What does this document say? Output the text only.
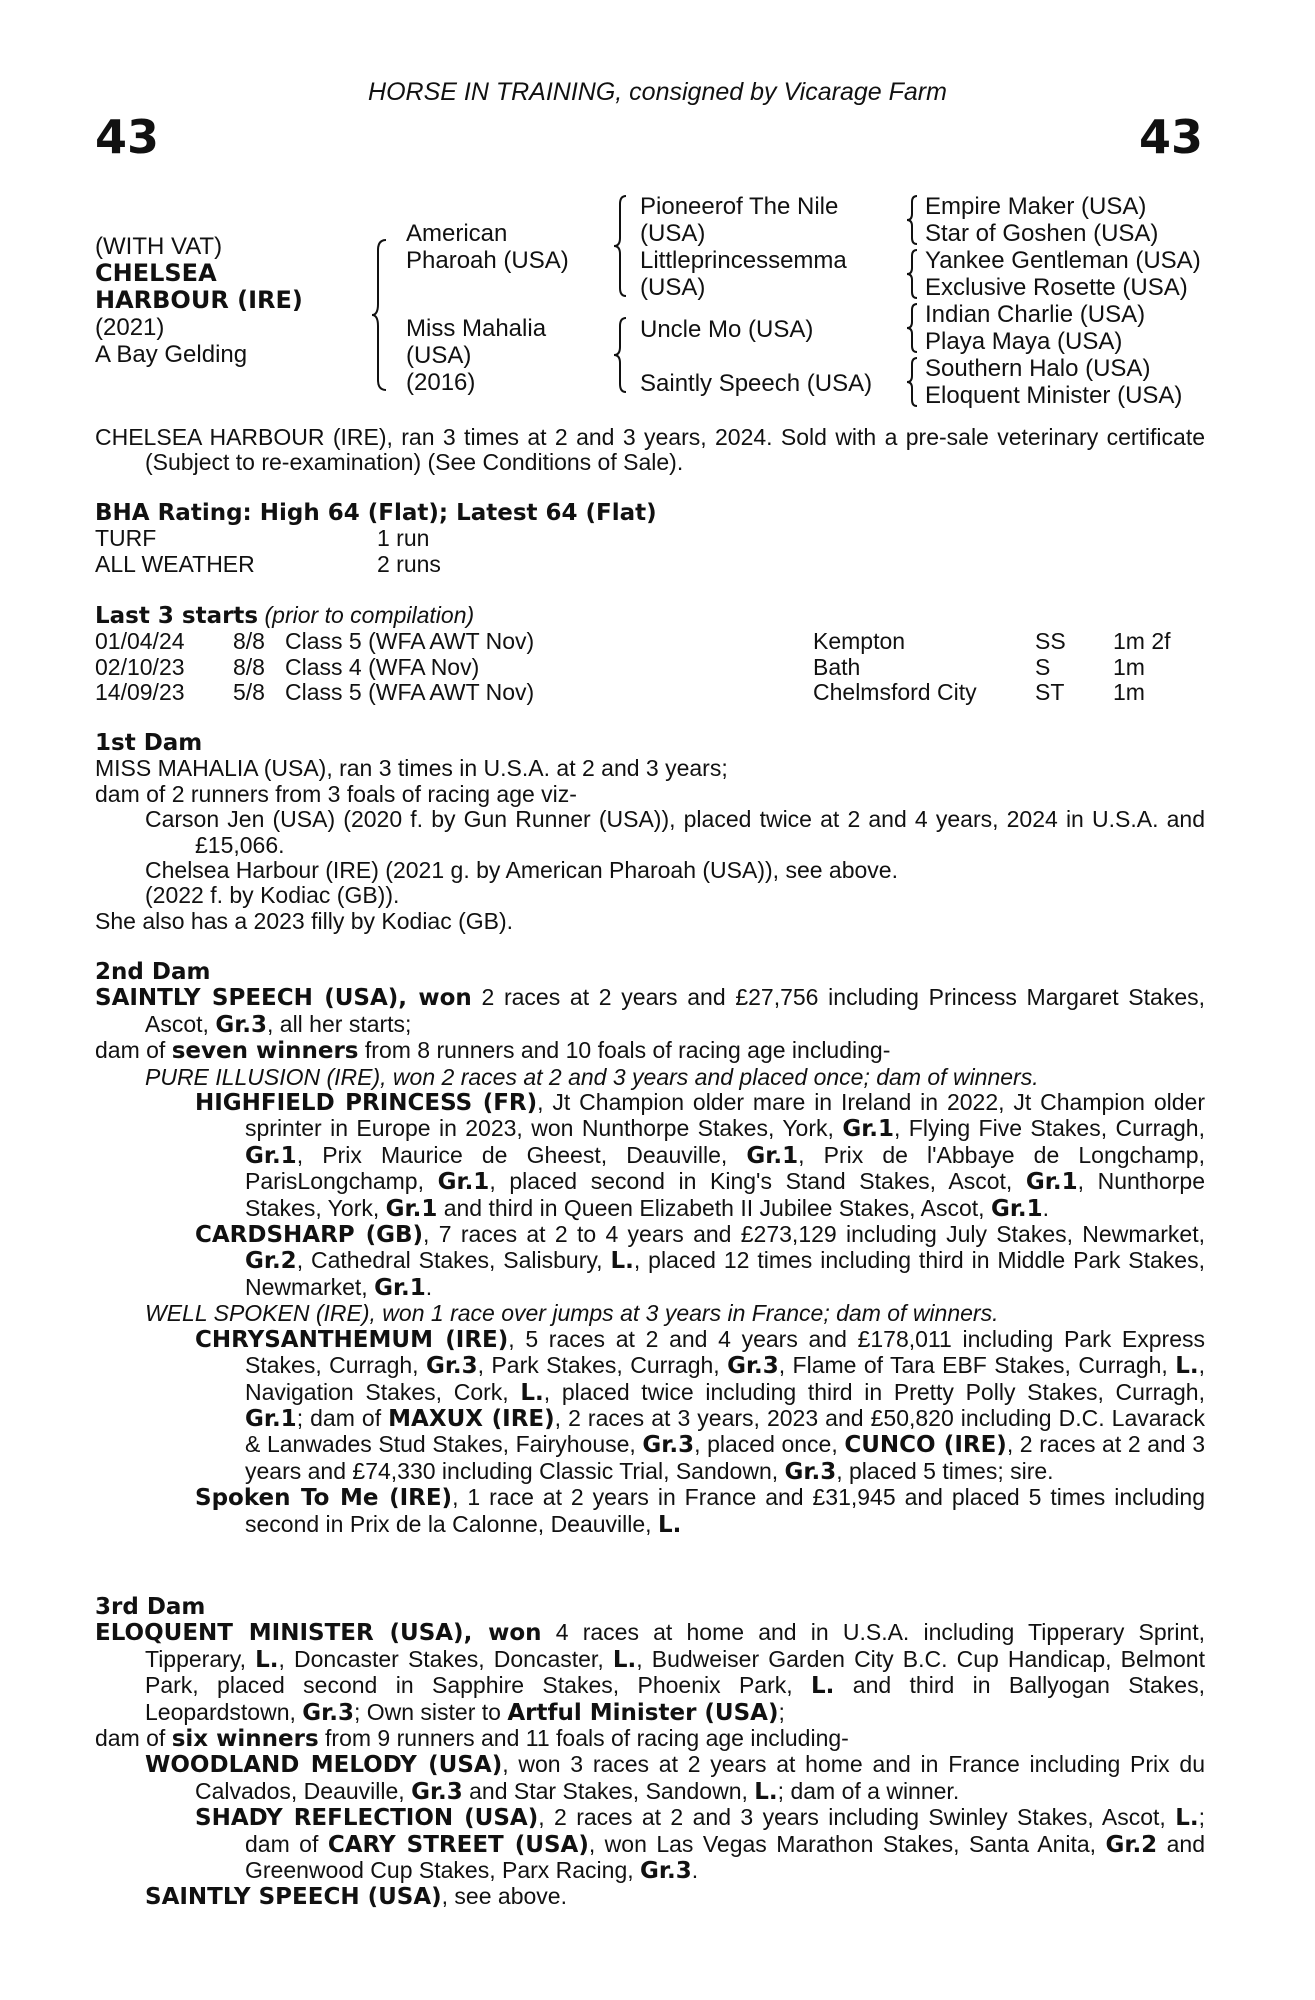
HORSE IN TRAINING, consigned by Vicarage Farm
43	43
(WITH VAT)
CHELSEA
HARBOUR (IRE)
(2021)
A Bay Gelding
American
Pharoah (USA)
Miss Mahalia
(USA)
(2016)
Pioneerof The Nile
(USA)
Littleprincessemma
(USA)
Uncle Mo (USA)
Saintly Speech (USA)
Empire Maker (USA)
Star of Goshen (USA)
Yankee Gentleman (USA)
Exclusive Rosette (USA)
Indian Charlie (USA)
Playa Maya (USA)
Southern Halo (USA)
Eloquent Minister (USA)

CHELSEA HARBOUR (IRE), ran 3 times at 2 and 3 years, 2024. Sold with a pre-sale veterinary certificate (Subject to re-examination) (See Conditions of Sale).

BHA Rating: High 64 (Flat); Latest 64 (Flat)
TURF	1 run
ALL WEATHER	2 runs
Last 3 starts (prior to compilation)
01/04/24	8/8	Class 5 (WFA AWT Nov)	Kempton	SS	1m 2f
02/10/23	8/8	Class 4 (WFA Nov)	Bath	S	1m
14/09/23	5/8	Class 5 (WFA AWT Nov)	Chelmsford City	ST	1m
1st Dam

MISS MAHALIA (USA), ran 3 times in U.S.A. at 2 and 3 years;

dam of 2 runners from 3 foals of racing age viz-

Carson Jen (USA) (2020 f. by Gun Runner (USA)), placed twice at 2 and 4 years, 2024 in U.S.A. and £15,066.

Chelsea Harbour (IRE) (2021 g. by American Pharoah (USA)), see above.

(2022 f. by Kodiac (GB)).

She also has a 2023 filly by Kodiac (GB).

2nd Dam

SAINTLY SPEECH (USA), won 2 races at 2 years and £27,756 including Princess Margaret Stakes, Ascot, Gr.3, all her starts;

dam of seven winners from 8 runners and 10 foals of racing age including-

PURE ILLUSION (IRE), won 2 races at 2 and 3 years and placed once; dam of winners.

HIGHFIELD PRINCESS (FR), Jt Champion older mare in Ireland in 2022, Jt Champion older sprinter in Europe in 2023, won Nunthorpe Stakes, York, Gr.1, Flying Five Stakes, Curragh, Gr.1, Prix Maurice de Gheest, Deauville, Gr.1, Prix de l'Abbaye de Longchamp, ParisLongchamp, Gr.1, placed second in King's Stand Stakes, Ascot, Gr.1, Nunthorpe Stakes, York, Gr.1 and third in Queen Elizabeth II Jubilee Stakes, Ascot, Gr.1.

CARDSHARP (GB), 7 races at 2 to 4 years and £273,129 including July Stakes, Newmarket, Gr.2, Cathedral Stakes, Salisbury, L., placed 12 times including third in Middle Park Stakes, Newmarket, Gr.1.

WELL SPOKEN (IRE), won 1 race over jumps at 3 years in France; dam of winners.

CHRYSANTHEMUM (IRE), 5 races at 2 and 4 years and £178,011 including Park Express Stakes, Curragh, Gr.3, Park Stakes, Curragh, Gr.3, Flame of Tara EBF Stakes, Curragh, L., Navigation Stakes, Cork, L., placed twice including third in Pretty Polly Stakes, Curragh, Gr.1; dam of MAXUX (IRE), 2 races at 3 years, 2023 and £50,820 including D.C. Lavarack & Lanwades Stud Stakes, Fairyhouse, Gr.3, placed once, CUNCO (IRE), 2 races at 2 and 3 years and £74,330 including Classic Trial, Sandown, Gr.3, placed 5 times; sire.

Spoken To Me (IRE), 1 race at 2 years in France and £31,945 and placed 5 times including second in Prix de la Calonne, Deauville, L.

3rd Dam

ELOQUENT MINISTER (USA), won 4 races at home and in U.S.A. including Tipperary Sprint, Tipperary, L., Doncaster Stakes, Doncaster, L., Budweiser Garden City B.C. Cup Handicap, Belmont Park, placed second in Sapphire Stakes, Phoenix Park, L. and third in Ballyogan Stakes, Leopardstown, Gr.3; Own sister to Artful Minister (USA);

dam of six winners from 9 runners and 11 foals of racing age including-

WOODLAND MELODY (USA), won 3 races at 2 years at home and in France including Prix du Calvados, Deauville, Gr.3 and Star Stakes, Sandown, L.; dam of a winner.

SHADY REFLECTION (USA), 2 races at 2 and 3 years including Swinley Stakes, Ascot, L.; dam of CARY STREET (USA), won Las Vegas Marathon Stakes, Santa Anita, Gr.2 and Greenwood Cup Stakes, Parx Racing, Gr.3.

SAINTLY SPEECH (USA), see above.
